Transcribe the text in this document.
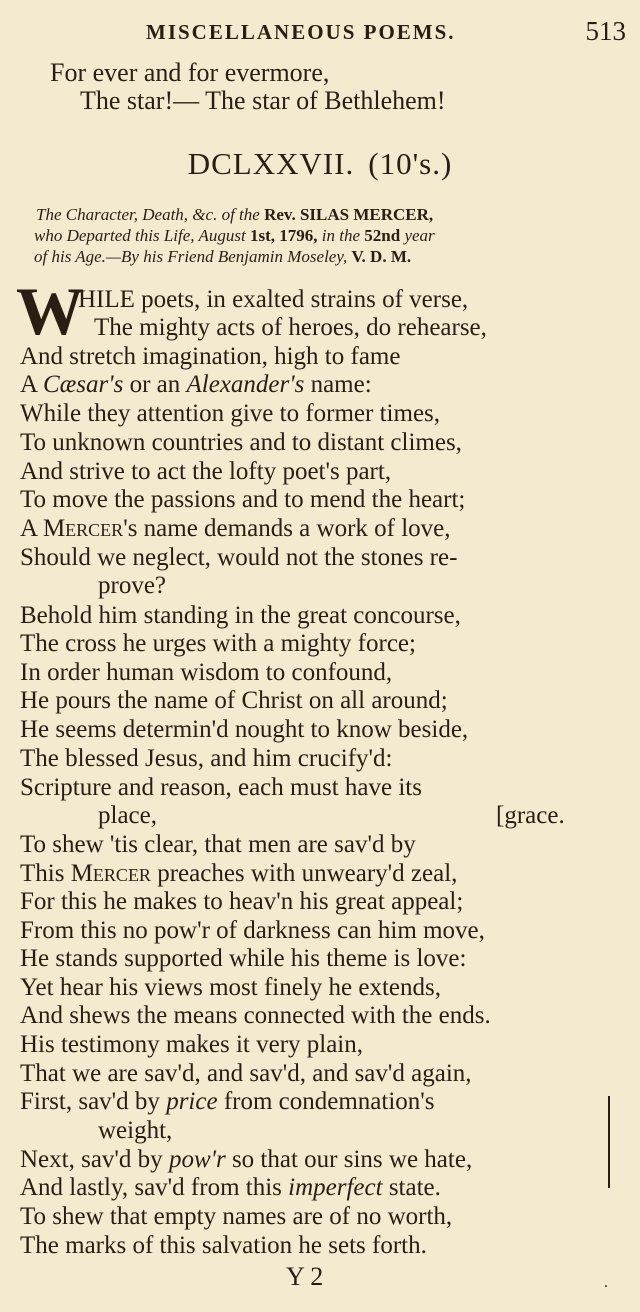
MISCELLANEOUS POEMS.	513
For ever and for evermore,
The star!— The star of Bethlehem!
DCLXXVII. (10's.)
The Character, Death, &c. of the Rev. SILAS MERCER,
who Departed this Life, August 1st, 1796, in the 52nd year
of his Age.—By his Friend Benjamin Moseley, V. D. M.
W
HILE poets, in exalted strains of verse,
The mighty acts of heroes, do rehearse,
And stretch imagination, high to fame
A Cæsar's or an Alexander's name:
While they attention give to former times,
To unknown countries and to distant climes,
And strive to act the lofty poet's part,
To move the passions and to mend the heart;
A Mercer's name demands a work of love,
Should we neglect, would not the stones re-
prove?
Behold him standing in the great concourse,
The cross he urges with a mighty force;
In order human wisdom to confound,
He pours the name of Christ on all around;
He seems determin'd nought to know beside,
The blessed Jesus, and him crucify'd:
Scripture and reason, each must have its
place,	[grace.
To shew 'tis clear, that men are sav'd by
This Mercer preaches with unweary'd zeal,
For this he makes to heav'n his great appeal;
From this no pow'r of darkness can him move,
He stands supported while his theme is love:
Yet hear his views most finely he extends,
And shews the means connected with the ends.
His testimony makes it very plain,
That we are sav'd, and sav'd, and sav'd again,
First, sav'd by price from condemnation's
weight,
Next, sav'd by pow'r so that our sins we hate,
And lastly, sav'd from this imperfect state.
To shew that empty names are of no worth,
The marks of this salvation he sets forth.
Y 2	.
